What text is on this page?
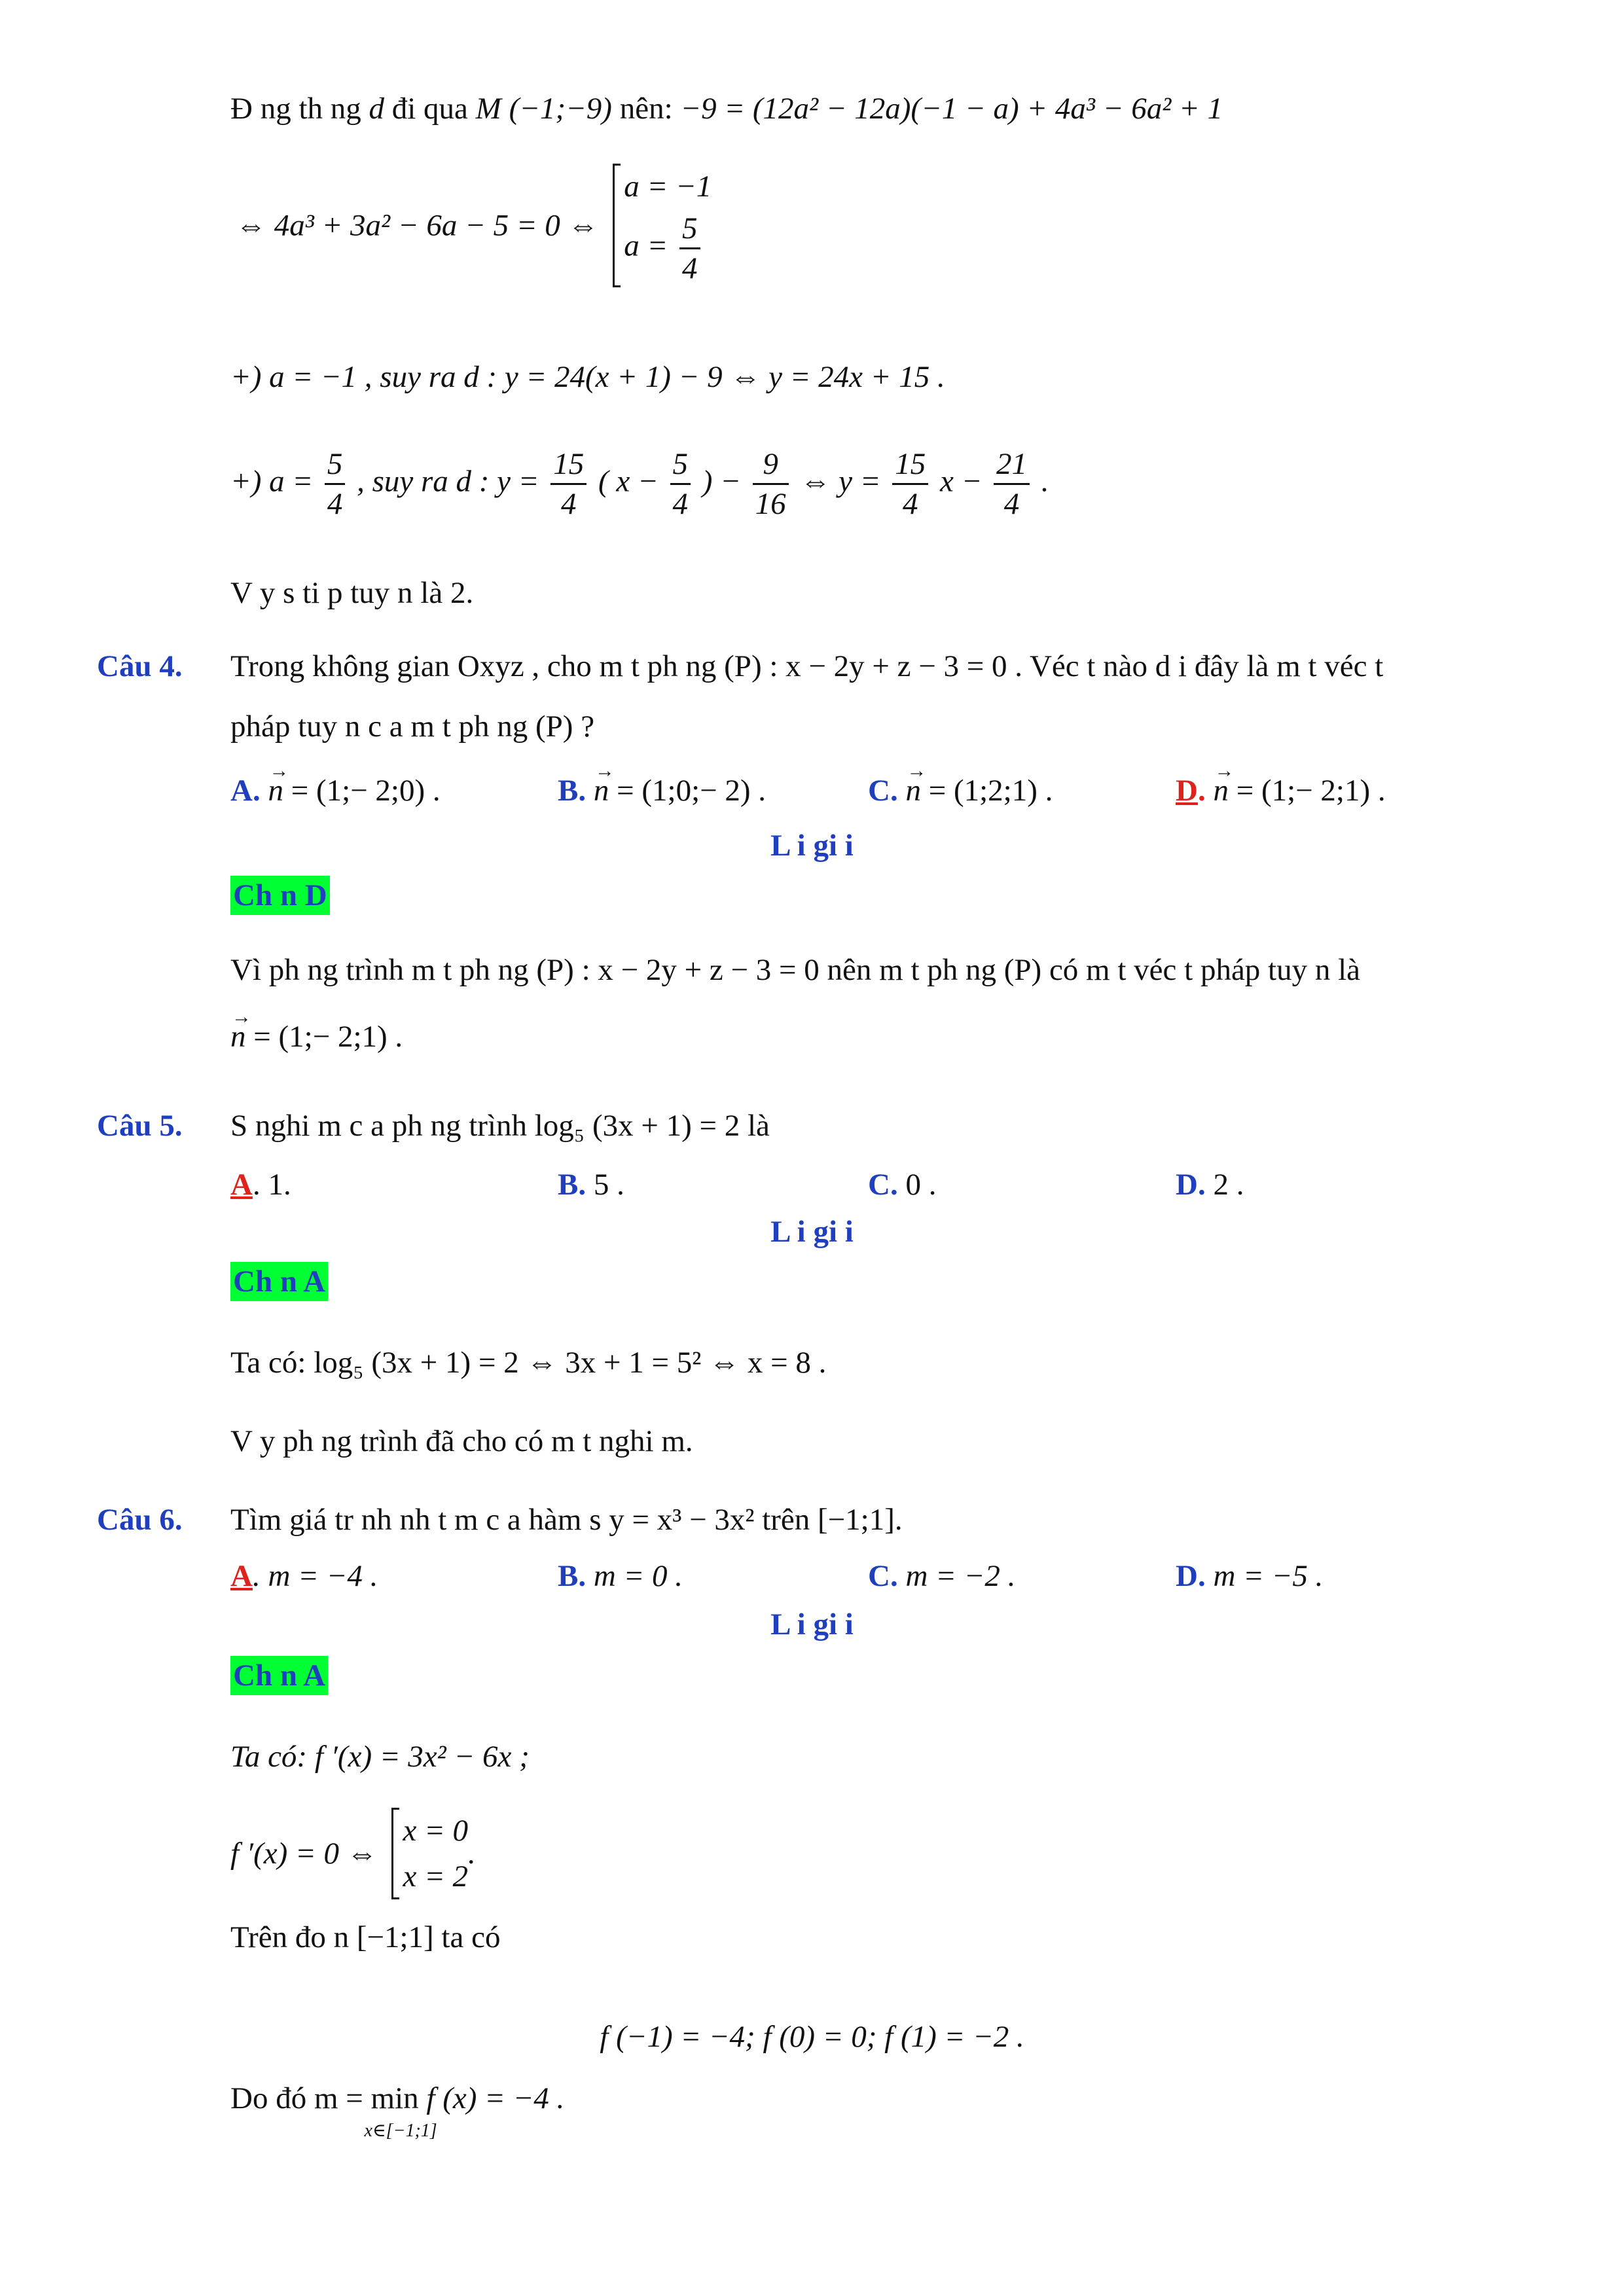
Đ ng th ng d đi qua M (−1;−9) nên: −9 = (12a² − 12a)(−1 − a) + 4a³ − 6a² + 1
⇔ 4a³ + 3a² − 6a − 5 = 0 ⇔
a = −1
$a = \frac{5}{4}$
+) a = −1 , suy ra d : y = 24(x + 1) − 9 ⇔ y = 24x + 15 .
+) $a = \frac{5}{4}$ , suy ra d : $y = \frac{15}{4}$ ( $x - \frac{5}{4}$ ) − $\frac{9}{16}$ ⇔ $y = \frac{15}{4}$ $x - \frac{21}{4}$ .
V y s ti p tuy n là 2.
Câu 4. Trong không gian Oxyz , cho m t ph ng (P) : x − 2y + z − 3 = 0 . Véc t nào d i đây là m t véc t
pháp tuy n c a m t ph ng (P) ?
A. → n = (1;− 2;0) .	B. → n = (1;0;− 2) .	C. → n = (1;2;1) .	D. → n = (1;− 2;1) .
L i gi i
Ch n D
Vì ph ng trình m t ph ng (P) : x − 2y + z − 3 = 0 nên m t ph ng (P) có m t véc t pháp tuy n là
→ n = (1;− 2;1) .
Câu 5. S nghi m c a ph ng trình log₅ (3x + 1) = 2 là
A. 1.	B. 5 .	C. 0 .	D. 2 .
L i gi i
Ch n A
Ta có: log₅ (3x + 1) = 2 ⇔ 3x + 1 = 5² ⇔ x = 8 .
V y ph ng trình đã cho có m t nghi m.
Câu 6. Tìm giá tr nh nh t m c a hàm s y = x³ − 3x² trên [−1;1].
A. m = −4 .	B. m = 0 .	C. m = −2 .	D. m = −5 .
L i gi i
Ch n A
Ta có: f ′(x) = 3x² − 6x ;
f ′(x) = 0 ⇔
x = 0
x = 2
.
Trên đo n [−1;1] ta có
f (−1) = −4; f (0) = 0; f (1) = −2 .
Do đó m = min
x∈[−1;1]
f (x) = −4 .
